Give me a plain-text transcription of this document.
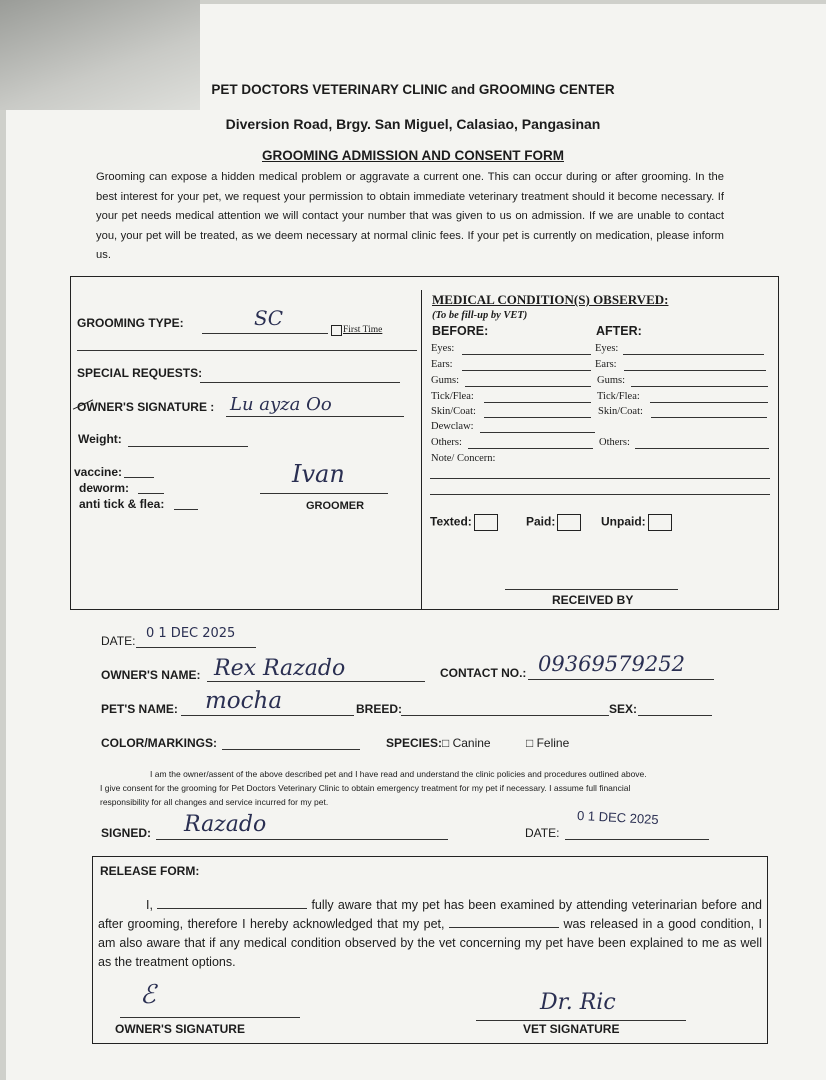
PET DOCTORS VETERINARY CLINIC and GROOMING CENTER
Diversion Road, Brgy. San Miguel, Calasiao, Pangasinan
GROOMING ADMISSION AND CONSENT FORM
Grooming can expose a hidden medical problem or aggravate a current one. This can occur during or after grooming. In the best interest for your pet, we request your permission to obtain immediate veterinary treatment should it become necessary. If your pet needs medical attention we will contact your number that was given to us on admission. If we are unable to contact you, your pet will be treated, as we deem necessary at normal clinic fees. If your pet is currently on medication, please inform us.
GROOMING TYPE:	SC	First Time
SPECIAL REQUESTS:
OWNER'S SIGNATURE : Lu ayza Oo
Weight:
vaccine:
deworm:
anti tick & flea:
Ivan
GROOMER
MEDICAL CONDITION(S) OBSERVED:
(To be fill-up by VET)
BEFORE:	AFTER:
Eyes:	Eyes:
Ears:	Ears:
Gums:	Gums:
Tick/Flea:	Tick/Flea:
Skin/Coat:	Skin/Coat:
Dewclaw:
Others:	Others:
Note/ Concern:
Texted:	Paid:	Unpaid:
RECEIVED BY
DATE: 0 1 DEC 2025
OWNER'S NAME: Rex Razado	CONTACT NO.: 09369579252
PET'S NAME: mocha	BREED:	SEX:
COLOR/MARKINGS:	SPECIES: □ Canine	□ Feline
I am the owner/assent of the above described pet and I have read and understand the clinic policies and procedures outlined above.
I give consent for the grooming for Pet Doctors Veterinary Clinic to obtain emergency treatment for my pet if necessary. I assume full financial
responsibility for all changes and service incurred for my pet.
SIGNED: Razado	DATE:
0 1 DEC 2025
RELEASE FORM:
I,	fully aware that my pet has been examined by attending veterinarian before and after grooming, therefore I hereby acknowledged that my pet,	was released in a good condition, I am also aware that if any medical condition observed by the vet concerning my pet have been explained to me as well as the treatment options.
ℰ
OWNER'S SIGNATURE
Dr. Ric
VET SIGNATURE
